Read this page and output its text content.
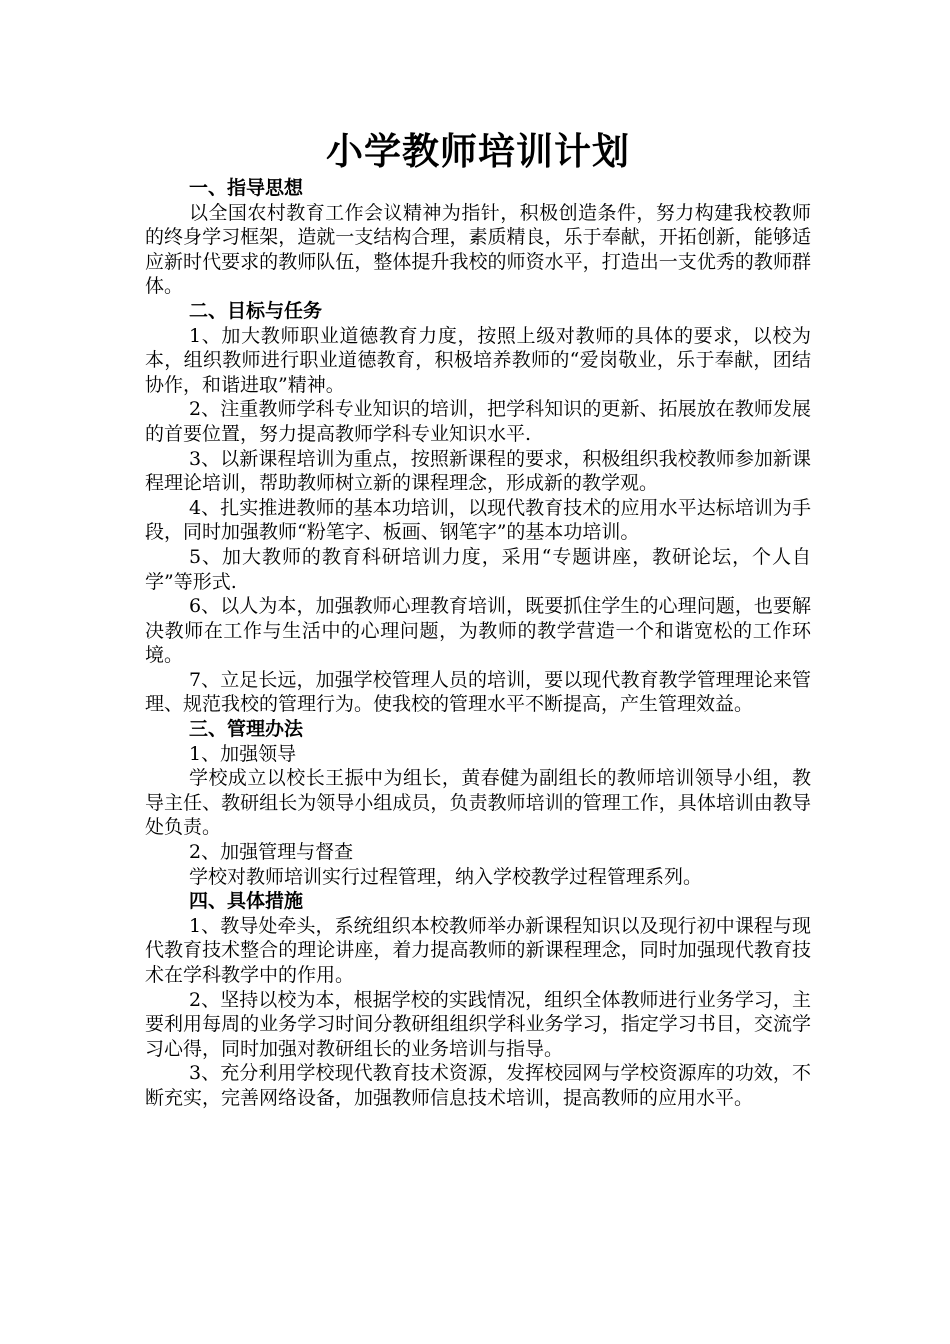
小学教师培训计划
一、指导思想

以全国农村教育工作会议精神为指针，积极创造条件，努力构建我校教师的终身学习框架，造就一支结构合理，素质精良，乐于奉献，开拓创新，能够适应新时代要求的教师队伍，整体提升我校的师资水平，打造出一支优秀的教师群体。

二、目标与任务

1、加大教师职业道德教育力度，按照上级对教师的具体的要求，以校为本，组织教师进行职业道德教育，积极培养教师的“爱岗敬业，乐于奉献，团结协作，和谐进取”精神。

2、注重教师学科专业知识的培训，把学科知识的更新、拓展放在教师发展的首要位置，努力提高教师学科专业知识水平.

3、以新课程培训为重点，按照新课程的要求，积极组织我校教师参加新课程理论培训，帮助教师树立新的课程理念，形成新的教学观。

4、扎实推进教师的基本功培训，以现代教育技术的应用水平达标培训为手段，同时加强教师“粉笔字、板画、钢笔字”的基本功培训。

5、加大教师的教育科研培训力度，采用“专题讲座，教研论坛，个人自学”等形式.

6、以人为本，加强教师心理教育培训，既要抓住学生的心理问题，也要解决教师在工作与生活中的心理问题，为教师的教学营造一个和谐宽松的工作环境。

7、立足长远，加强学校管理人员的培训，要以现代教育教学管理理论来管理、规范我校的管理行为。使我校的管理水平不断提高，产生管理效益。

三、管理办法

1、加强领导

学校成立以校长王振中为组长，黄春健为副组长的教师培训领导小组，教导主任、教研组长为领导小组成员，负责教师培训的管理工作，具体培训由教导处负责。

2、加强管理与督查

学校对教师培训实行过程管理，纳入学校教学过程管理系列。

四、具体措施

1、教导处牵头，系统组织本校教师举办新课程知识以及现行初中课程与现代教育技术整合的理论讲座，着力提高教师的新课程理念，同时加强现代教育技术在学科教学中的作用。

2、坚持以校为本，根据学校的实践情况，组织全体教师进行业务学习，主要利用每周的业务学习时间分教研组组织学科业务学习，指定学习书目，交流学习心得，同时加强对教研组长的业务培训与指导。

3、充分利用学校现代教育技术资源，发挥校园网与学校资源库的功效，不断充实，完善网络设备，加强教师信息技术培训，提高教师的应用水平。
